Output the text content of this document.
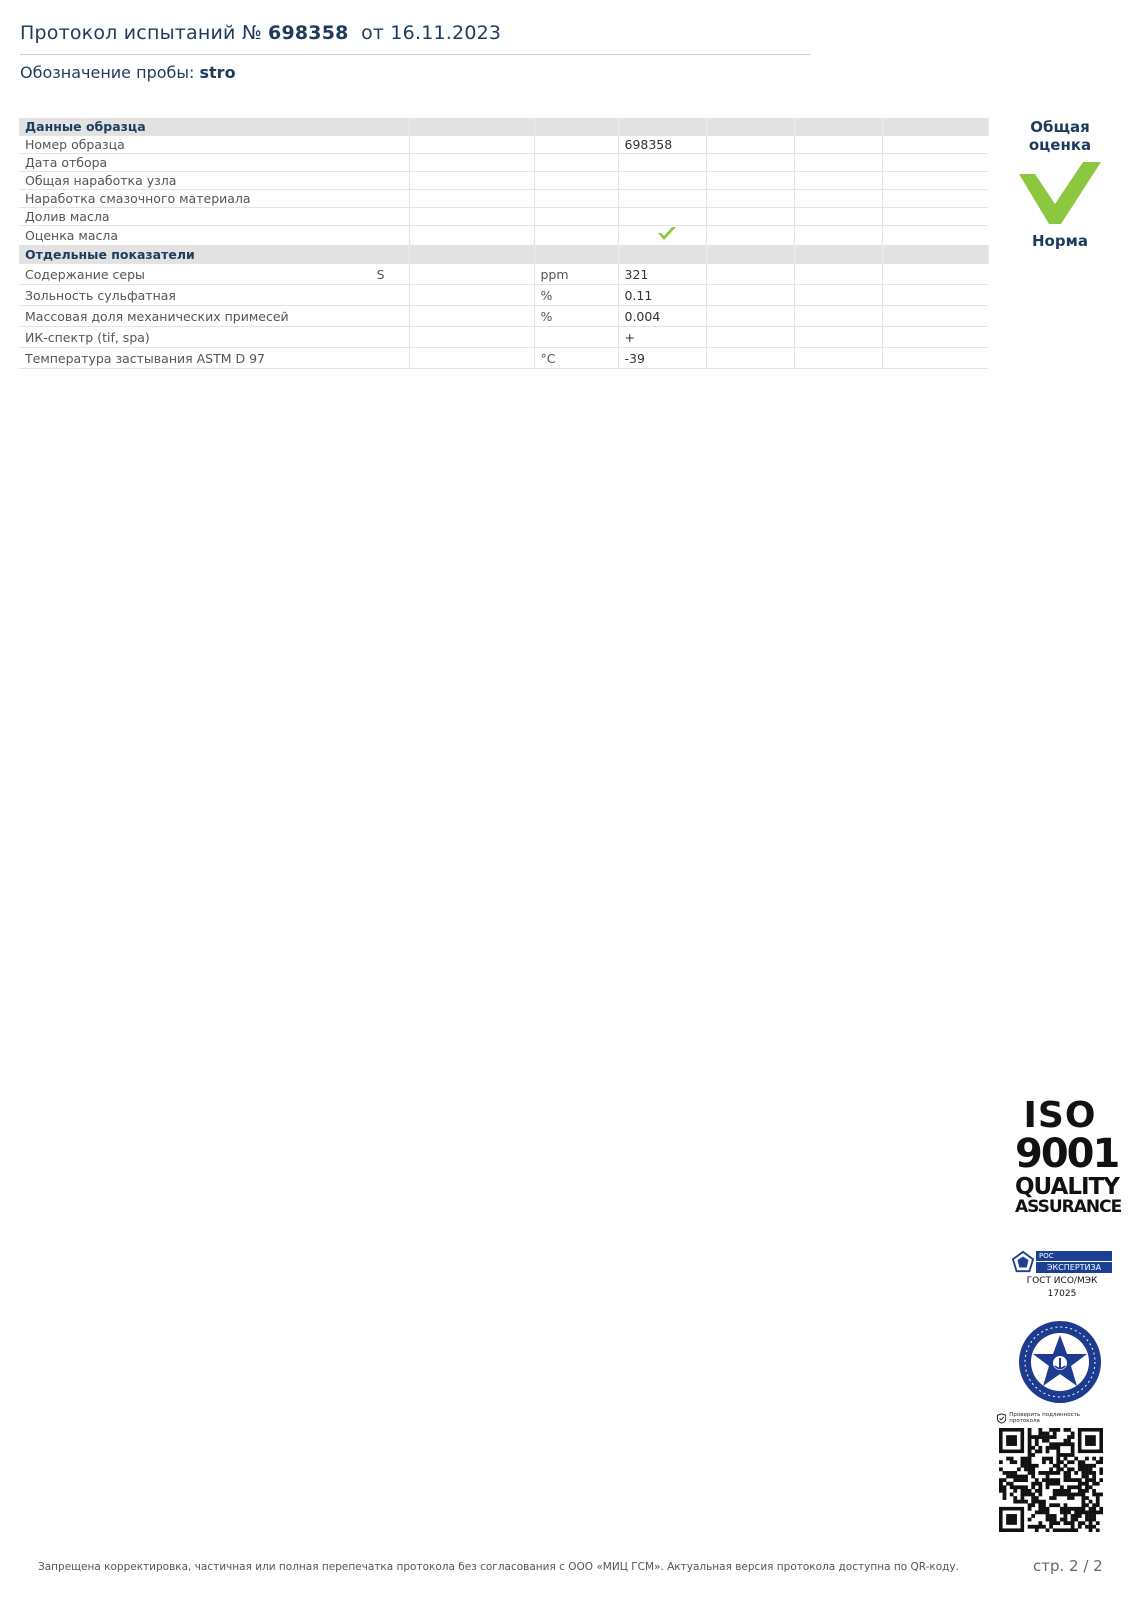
Протокол испытаний № 698358 от 16.11.2023
Обозначение пробы: stro
Данные образца						
Номер образца			698358			
Дата отбора						
Общая наработка узла						
Наработка смазочного материала						
Долив масла						
Оценка масла						
Отдельные показатели						
Содержание серы S		ppm	321			
Зольность сульфатная		%	0.11			
Массовая доля механических примесей		%	0.004			
ИК-спектр (tif, spa)			+			
Температура застывания ASTM D 97		°C	-39			
Общая оценка
Норма
ISO
9001
QUALITY
ASSURANCE
РОС
ЭКСПЕРТИЗА
ГОСТ ИСО/МЭК
17025
Проверить подлинность протокола
Запрещена корректировка, частичная или полная перепечатка протокола без согласования с ООО «МИЦ ГСМ». Актуальная версия протокола доступна по QR-коду.	стр. 2 / 2
